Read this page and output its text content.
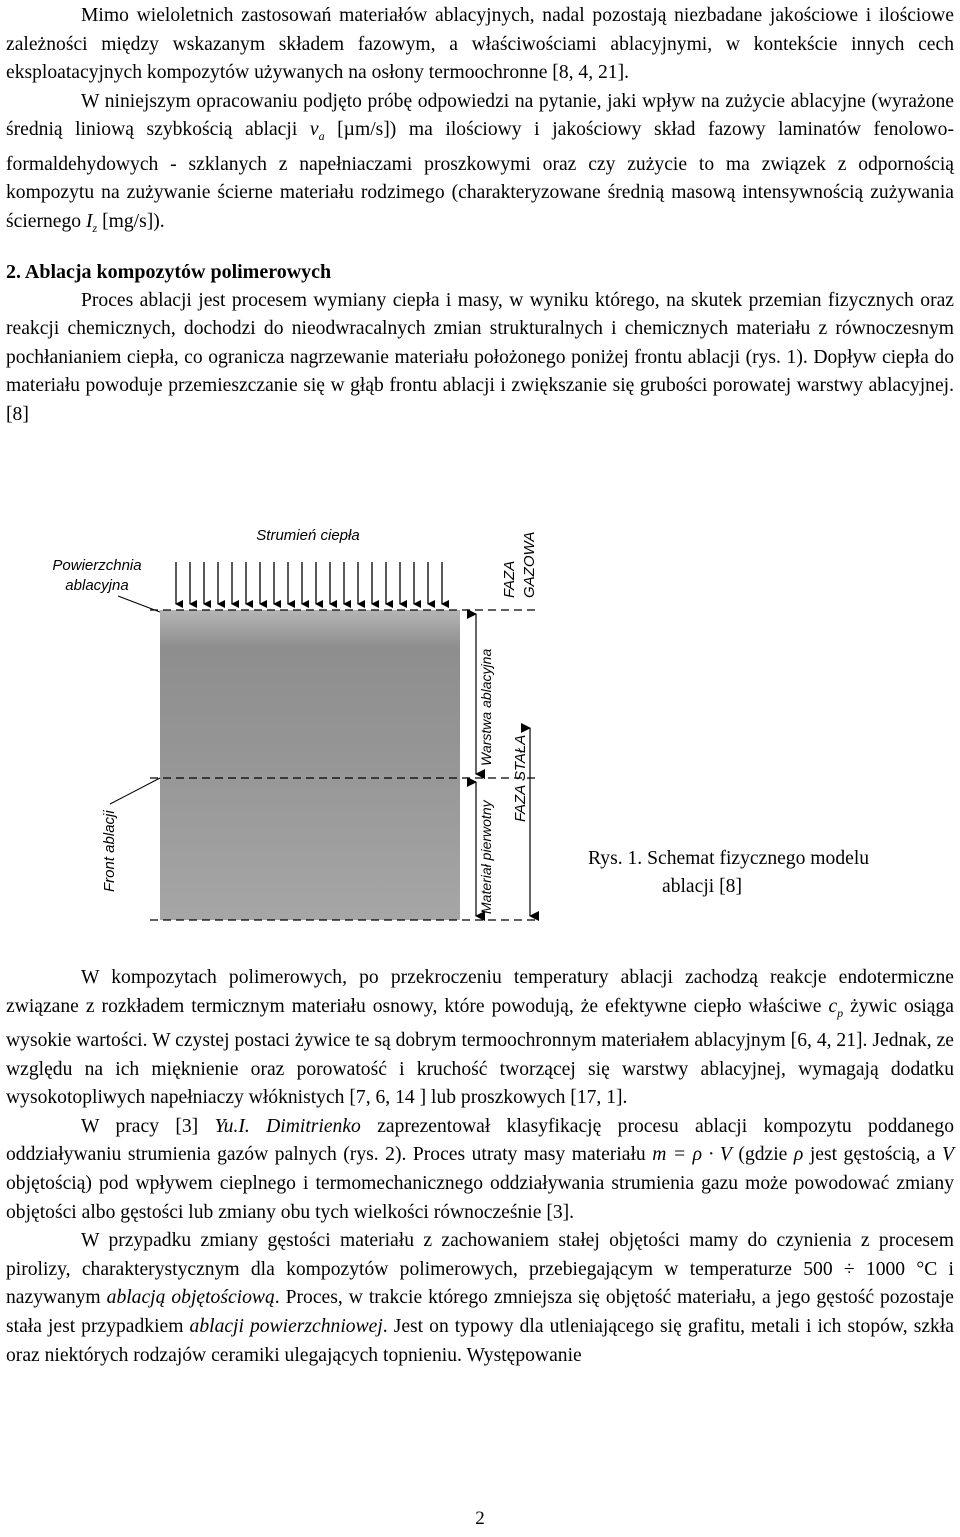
Mimo wieloletnich zastosowań materiałów ablacyjnych, nadal pozostają niezbadane jakościowe i ilościowe zależności między wskazanym składem fazowym, a właściwościami ablacyjnymi, w kontekście innych cech eksploatacyjnych kompozytów używanych na osłony termoochronne [8, 4, 21].

W niniejszym opracowaniu podjęto próbę odpowiedzi na pytanie, jaki wpływ na zużycie ablacyjne (wyrażone średnią liniową szybkością ablacji $v_a$ [µm/s]) ma ilościowy i jakościowy skład fazowy laminatów fenolowo-formaldehydowych - szklanych z napełniaczami proszkowymi oraz czy zużycie to ma związek z odpornością kompozytu na zużywanie ścierne materiału rodzimego (charakteryzowane średnią masową intensywnością zużywania ściernego $I_z$ [mg/s]).

2. Ablacja kompozytów polimerowych

Proces ablacji jest procesem wymiany ciepła i masy, w wyniku którego, na skutek przemian fizycznych oraz reakcji chemicznych, dochodzi do nieodwracalnych zmian strukturalnych i chemicznych materiału z równoczesnym pochłanianiem ciepła, co ogranicza nagrzewanie materiału położonego poniżej frontu ablacji (rys. 1). Dopływ ciepła do materiału powoduje przemieszczanie się w głąb frontu ablacji i zwiększanie się grubości porowatej warstwy ablacyjnej. [8]

Strumień ciepła
Powierzchnia
ablacyjna	FAZA GAZOWA
Warstwa ablacyjna
Materiał pierwotny
FAZA STAŁA
Front ablacji	Rys. 1. Schemat fizycznego modelu
ablacji [8]

W kompozytach polimerowych, po przekroczeniu temperatury ablacji zachodzą reakcje endotermiczne związane z rozkładem termicznym materiału osnowy, które powodują, że efektywne ciepło właściwe $c_p$ żywic osiąga wysokie wartości. W czystej postaci żywice te są dobrym termoochronnym materiałem ablacyjnym [6, 4, 21]. Jednak, ze względu na ich mięknienie oraz porowatość i kruchość tworzącej się warstwy ablacyjnej, wymagają dodatku wysokotopliwych napełniaczy włóknistych [7, 6, 14 ] lub proszkowych [17, 1].

W pracy [3] Yu.I. Dimitrienko zaprezentował klasyfikację procesu ablacji kompozytu poddanego oddziaływaniu strumienia gazów palnych (rys. 2). Proces utraty masy materiału m = ρ · V (gdzie ρ jest gęstością, a V objętością) pod wpływem cieplnego i termomechanicznego oddziaływania strumienia gazu może powodować zmiany objętości albo gęstości lub zmiany obu tych wielkości równocześnie [3].

W przypadku zmiany gęstości materiału z zachowaniem stałej objętości mamy do czynienia z procesem pirolizy, charakterystycznym dla kompozytów polimerowych, przebiegającym w temperaturze 500 ÷ 1000 °C i nazywanym ablacją objętościową. Proces, w trakcie którego zmniejsza się objętość materiału, a jego gęstość pozostaje stała jest przypadkiem ablacji powierzchniowej. Jest on typowy dla utleniającego się grafitu, metali i ich stopów, szkła oraz niektórych rodzajów ceramiki ulegających topnieniu. Występowanie

2
